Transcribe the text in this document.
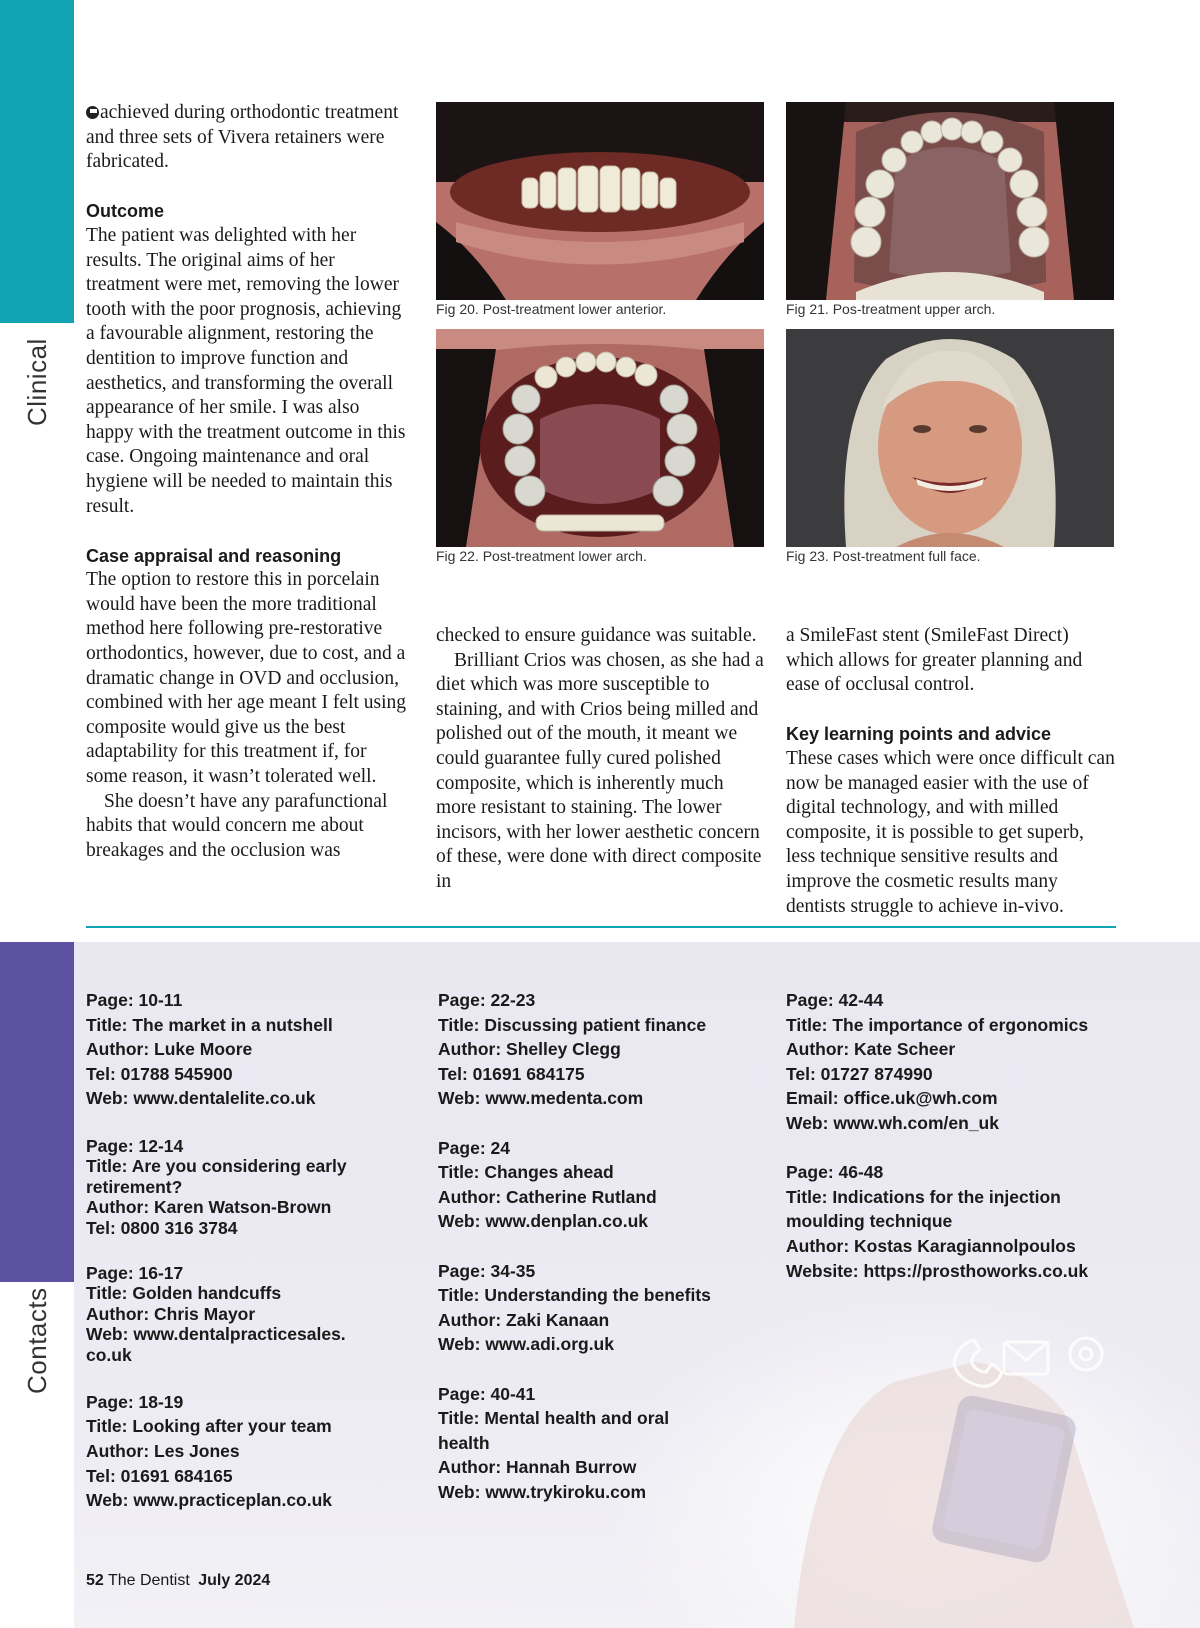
Clinical
Contacts

achieved during orthodontic treatment and three sets of Vivera retainers were fabricated.

Outcome

The patient was delighted with her results. The original aims of her treatment were met, removing the lower tooth with the poor prognosis, achieving a favourable alignment, restoring the dentition to improve function and aesthetics, and transforming the overall appearance of her smile. I was also happy with the treatment outcome in this case. Ongoing maintenance and oral hygiene will be needed to maintain this result.

Case appraisal and reasoning

The option to restore this in porcelain would have been the more traditional method here following pre-restorative orthodontics, however, due to cost, and a dramatic change in OVD and occlusion, combined with her age meant I felt using composite would give us the best adaptability for this treatment if, for some reason, it wasn’t tolerated well.

She doesn’t have any parafunctional habits that would concern me about breakages and the occlusion was

Fig 20. Post-treatment lower anterior.	Fig 21. Pos-treatment upper arch.
Fig 22. Post-treatment lower arch.	Fig 23. Post-treatment full face.

checked to ensure guidance was suitable.

Brilliant Crios was chosen, as she had a diet which was more susceptible to staining, and with Crios being milled and polished out of the mouth, it meant we could guarantee fully cured polished composite, which is inherently much more resistant to staining. The lower incisors, with her lower aesthetic concern of these, were done with direct composite in

a SmileFast stent (SmileFast Direct) which allows for greater planning and ease of occlusal control.

Key learning points and advice

These cases which were once difficult can now be managed easier with the use of digital technology, and with milled composite, it is possible to get superb, less technique sensitive results and improve the cosmetic results many dentists struggle to achieve in-vivo.

Page: 10-11
Title: The market in a nutshell
Author: Luke Moore
Tel: 01788 545900
Web: www.dentalelite.co.uk
Page: 12-14
Title: Are you considering early
retirement?
Author: Karen Watson-Brown
Tel: 0800 316 3784
Page: 16-17
Title: Golden handcuffs
Author: Chris Mayor
Web: www.dentalpracticesales.
co.uk
Page: 18-19
Title: Looking after your team
Author: Les Jones
Tel: 01691 684165
Web: www.practiceplan.co.uk
Page: 22-23
Title: Discussing patient finance
Author: Shelley Clegg
Tel: 01691 684175
Web: www.medenta.com
Page: 24
Title: Changes ahead
Author: Catherine Rutland
Web: www.denplan.co.uk
Page: 34-35
Title: Understanding the benefits
Author: Zaki Kanaan
Web: www.adi.org.uk
Page: 40-41
Title: Mental health and oral
health
Author: Hannah Burrow
Web: www.trykiroku.com
Page: 42-44
Title: The importance of ergonomics
Author: Kate Scheer
Tel: 01727 874990
Email: office.uk@wh.com
Web: www.wh.com/en_uk
Page: 46-48
Title: Indications for the injection
moulding technique
Author: Kostas Karagiannolpoulos
Website: https://prosthoworks.co.uk
52 The Dentist July 2024
